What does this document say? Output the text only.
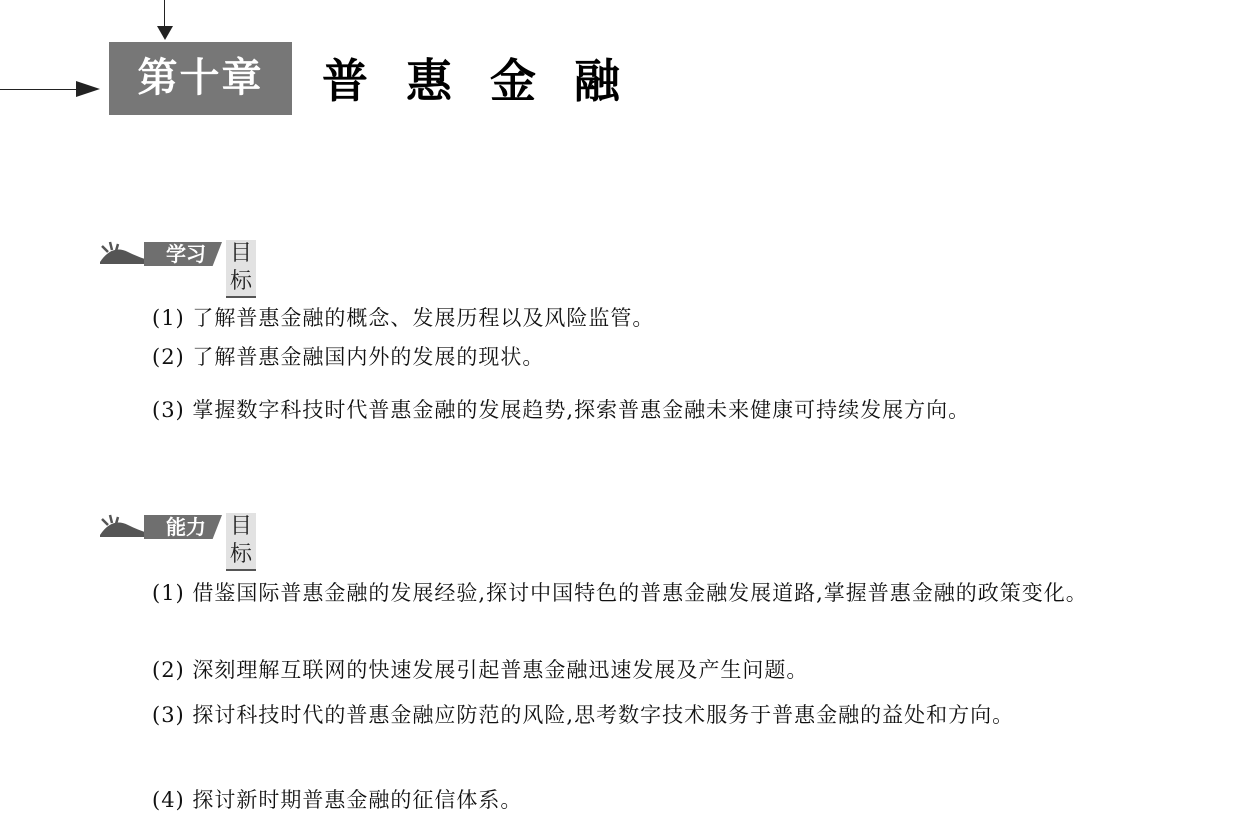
第十章	普惠金融
学习	目标

(1) 了解普惠金融的概念、发展历程以及风险监管。

(2) 了解普惠金融国内外的发展的现状。

(3) 掌握数字科技时代普惠金融的发展趋势,探索普惠金融未来健康可持续发展方向。

能力	目标

(1) 借鉴国际普惠金融的发展经验,探讨中国特色的普惠金融发展道路,掌握普惠金融的政策变化。

(2) 深刻理解互联网的快速发展引起普惠金融迅速发展及产生问题。

(3) 探讨科技时代的普惠金融应防范的风险,思考数字技术服务于普惠金融的益处和方向。

(4) 探讨新时期普惠金融的征信体系。
